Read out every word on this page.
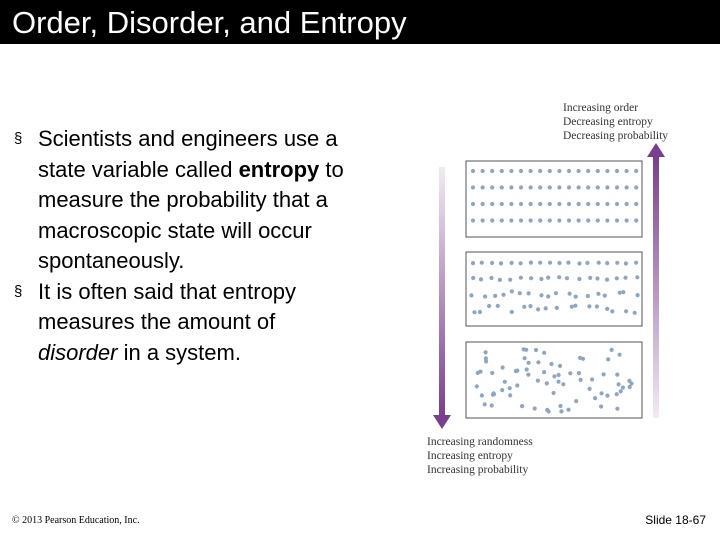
Order, Disorder, and Entropy

§ Scientists and engineers use a state variable called entropy to measure the probability that a macroscopic state will occur spontaneously.

§ It is often said that entropy measures the amount of disorder in a system.

Increasing order
Decreasing entropy
Decreasing probability
Increasing randomness
Increasing entropy
Increasing probability
© 2013 Pearson Education, Inc.	Slide 18-67
